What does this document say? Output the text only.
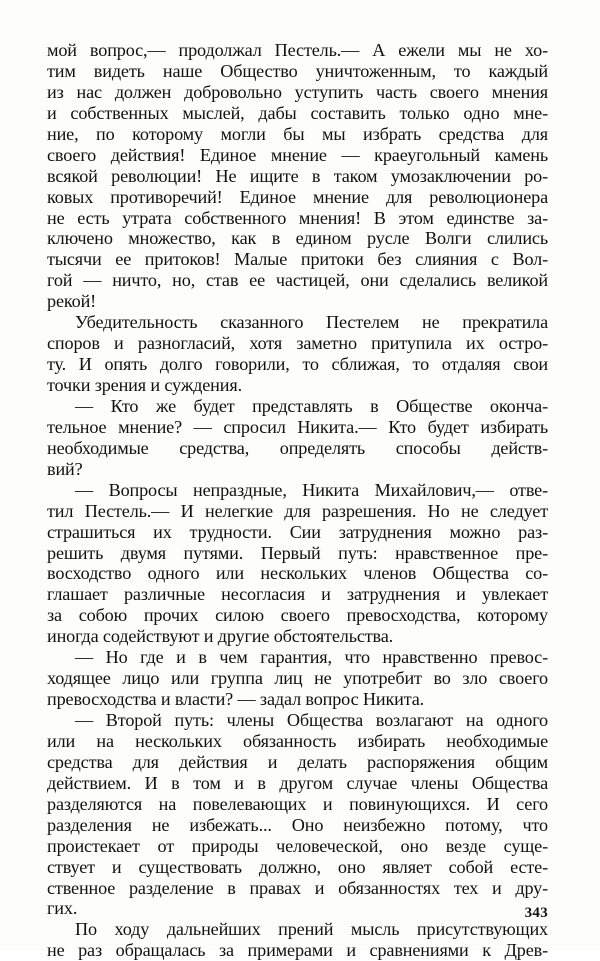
мой вопрос,— продолжал Пестель.— А ежели мы не хо-
тим видеть наше Общество уничтоженным, то каждый
из нас должен добровольно уступить часть своего мнения
и собственных мыслей, дабы составить только одно мне-
ние, по которому могли бы мы избрать средства для
своего действия! Единое мнение — краеугольный камень
всякой революции! Не ищите в таком умозаключении ро-
ковых противоречий! Единое мнение для революционера
не есть утрата собственного мнения! В этом единстве за-
ключено множество, как в едином русле Волги слились
тысячи ее притоков! Малые притоки без слияния с Вол-
гой — ничто, но, став ее частицей, они сделались великой
рекой!
Убедительность сказанного Пестелем не прекратила
споров и разногласий, хотя заметно притупила их остро-
ту. И опять долго говорили, то сближая, то отдаляя свои
точки зрения и суждения.
— Кто же будет представлять в Обществе оконча-
тельное мнение? — спросил Никита.— Кто будет избирать
необходимые средства, определять способы действ-
вий?
— Вопросы непраздные, Никита Михайлович,— отве-
тил Пестель.— И нелегкие для разрешения. Но не следует
страшиться их трудности. Сии затруднения можно раз-
решить двумя путями. Первый путь: нравственное пре-
восходство одного или нескольких членов Общества со-
глашает различные несогласия и затруднения и увлекает
за собою прочих силою своего превосходства, которому
иногда содействуют и другие обстоятельства.
— Но где и в чем гарантия, что нравственно превос-
ходящее лицо или группа лиц не употребит во зло своего
превосходства и власти? — задал вопрос Никита.
— Второй путь: члены Общества возлагают на одного
или на нескольких обязанность избирать необходимые
средства для действия и делать распоряжения общим
действием. И в том и в другом случае члены Общества
разделяются на повелевающих и повинующихся. И сего
разделения не избежать... Оно неизбежно потому, что
проистекает от природы человеческой, оно везде суще-
ствует и существовать должно, оно являет собой есте-
ственное разделение в правах и обязанностях тех и дру-
гих.
По ходу дальнейших прений мысль присутствующих
не раз обращалась за примерами и сравнениями к Древ-
343
